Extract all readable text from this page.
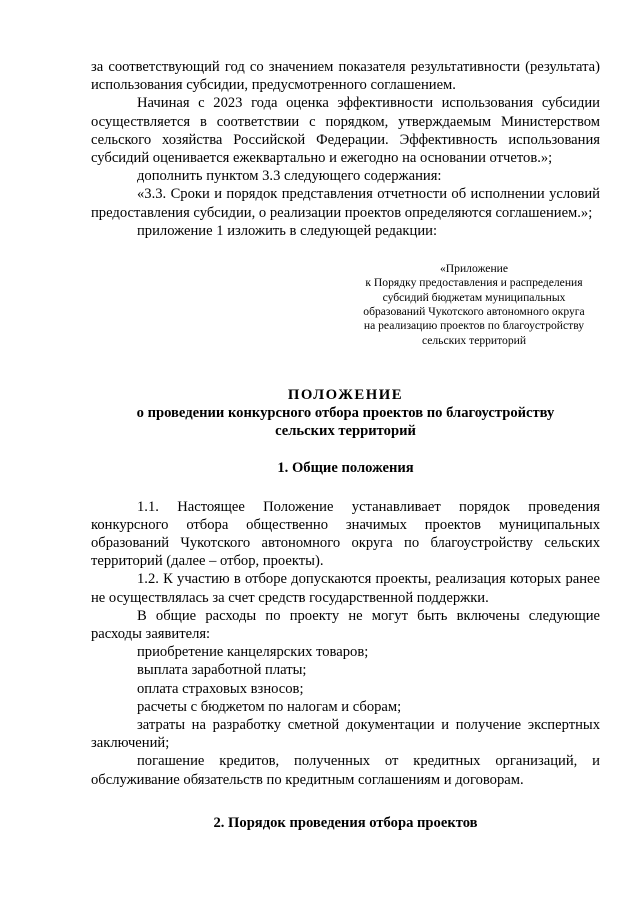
за соответствующий год со значением показателя результативности (результата) использования субсидии, предусмотренного соглашением.

Начиная с 2023 года оценка эффективности использования субсидии осуществляется в соответствии с порядком, утверждаемым Министерством сельского хозяйства Российской Федерации. Эффективность использования субсидий оценивается ежеквартально и ежегодно на основании отчетов.»;

дополнить пунктом 3.3 следующего содержания:

«3.3. Сроки и порядок представления отчетности об исполнении условий предоставления субсидии, о реализации проектов определяются соглашением.»;

приложение 1 изложить в следующей редакции:

«Приложение
к Порядку предоставления и распределения
субсидий бюджетам муниципальных
образований Чукотского автономного округа
на реализацию проектов по благоустройству
сельских территорий
ПОЛОЖЕНИЕ
о проведении конкурсного отбора проектов по благоустройству
сельских территорий
1. Общие положения

1.1. Настоящее Положение устанавливает порядок проведения конкурсного отбора общественно значимых проектов муниципальных образований Чукотского автономного округа по благоустройству сельских территорий (далее – отбор, проекты).

1.2. К участию в отборе допускаются проекты, реализация которых ранее не осуществлялась за счет средств государственной поддержки.

В общие расходы по проекту не могут быть включены следующие расходы заявителя:

приобретение канцелярских товаров;

выплата заработной платы;

оплата страховых взносов;

расчеты с бюджетом по налогам и сборам;

затраты на разработку сметной документации и получение экспертных заключений;

погашение кредитов, полученных от кредитных организаций, и обслуживание обязательств по кредитным соглашениям и договорам.

2. Порядок проведения отбора проектов
